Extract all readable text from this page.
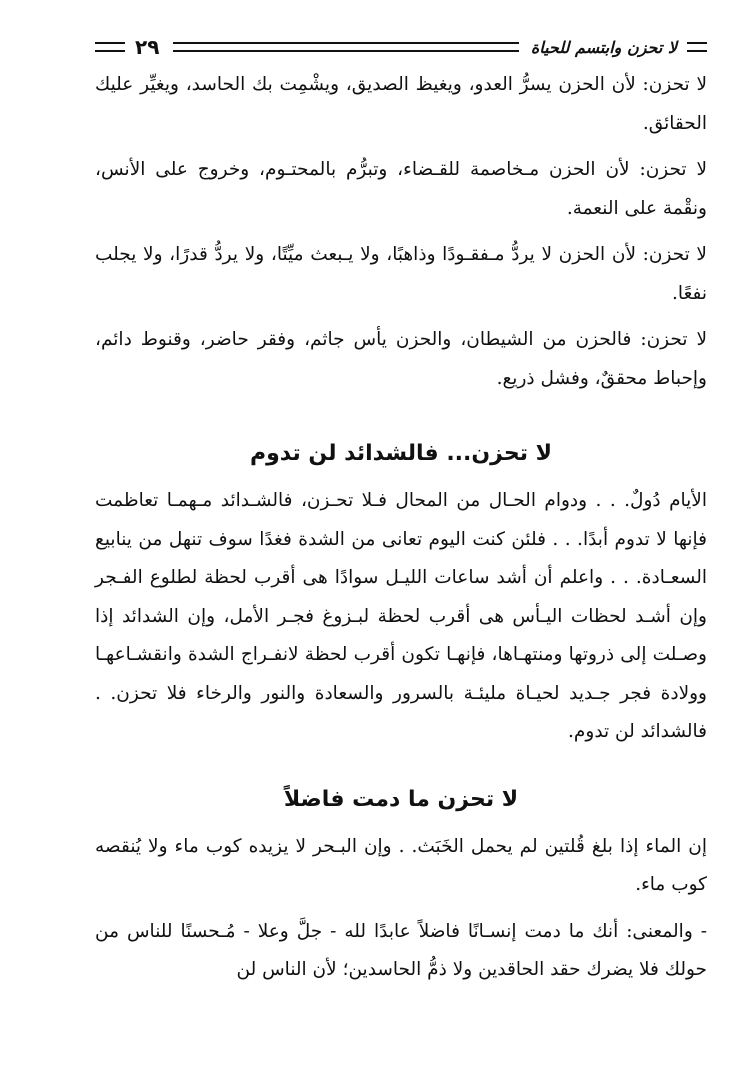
لا تحزن وابتسم للحياة
٢٩

لا تحزن: لأن الحزن يسرُّ العدو، ويغيظ الصديق، ويشْمِت بك الحاسد، ويغيِّر عليك الحقائق.

لا تحزن: لأن الحزن مـخاصمة للقـضاء، وتبرُّم بالمحتـوم، وخروج على الأنس، ونقْمة على النعمة.

لا تحزن: لأن الحزن لا يردُّ مـفقـودًا وذاهبًا، ولا يـبعث ميِّتًا، ولا يردُّ قدرًا، ولا يجلب نفعًا.

لا تحزن: فالحزن من الشيطان، والحزن يأس جاثم، وفقر حاضر، وقنوط دائم، وإحباط محققٌ، وفشل ذريع.

لا تحزن... فالشدائد لن تدوم

الأيام دُولٌ. . . ودوام الحـال من المحال فـلا تحـزن، فالشـدائد مـهمـا تعاظمت فإنها لا تدوم أبدًا. . . فلئن كنت اليوم تعانى من الشدة فغدًا سوف تنهل من ينابيع السعـادة. . . واعلم أن أشد ساعات الليـل سوادًا هى أقرب لحظة لطلوع الفـجر وإن أشـد لحظات اليـأس هى أقرب لحظة لبـزوغ فجـر الأمل، وإن الشدائد إذا وصـلت إلى ذروتها ومنتهـاها، فإنهـا تكون أقرب لحظة لانفـراج الشدة وانقشـاعهـا وولادة فجر جـديد لحيـاة مليئـة بالسرور والسعادة والنور والرخاء فلا تحزن. . فالشدائد لن تدوم.

لا تحزن ما دمت فاضلاً

إن الماء إذا بلغ قُلتين لم يحمل الخَبَث. . وإن البـحر لا يزيده كوب ماء ولا يُنقصه كوب ماء.

- والمعنى: أنك ما دمت إنسـانًا فاضلاً عابدًا لله - جلَّ وعلا - مُـحسنًا للناس من حولك فلا يضرك حقد الحاقدين ولا ذمُّ الحاسدين؛ لأن الناس لن
